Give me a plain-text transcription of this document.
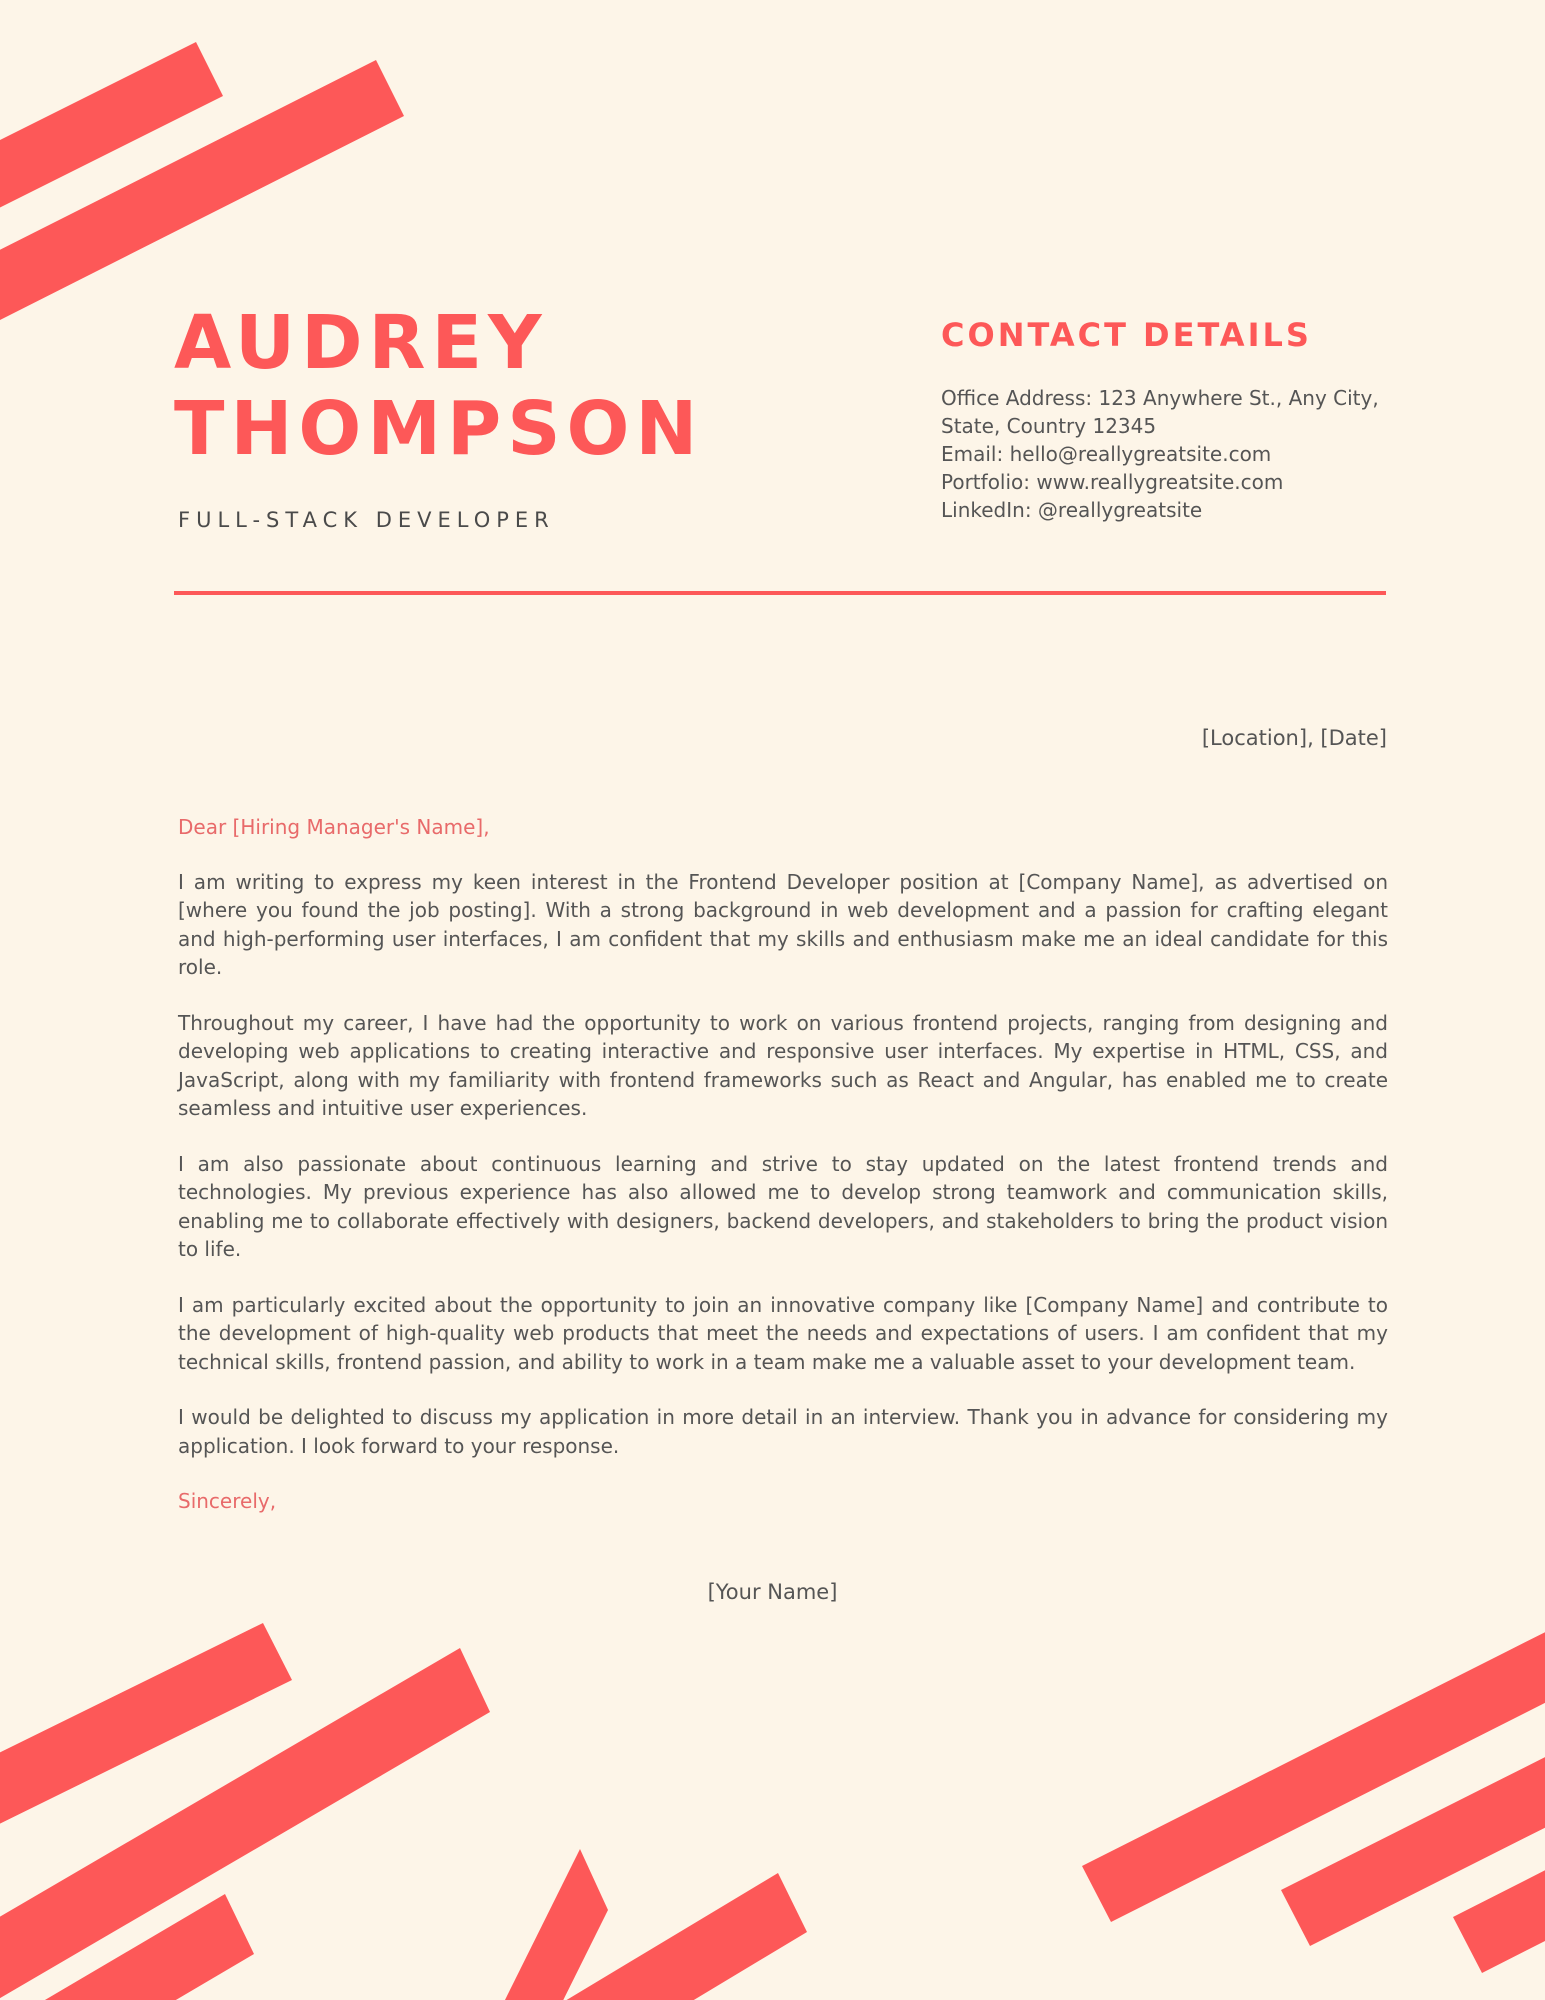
AUDREY
THOMPSON

FULL-STACK DEVELOPER

CONTACT DETAILS
Office Address: 123 Anywhere St., Any City,
State, Country 12345
Email: hello@reallygreatsite.com
Portfolio: www.reallygreatsite.com
LinkedIn: @reallygreatsite

[Location], [Date]

Dear [Hiring Manager's Name],

I am writing to express my keen interest in the Frontend Developer position at [Company Name], as advertised on [where you found the job posting]. With a strong background in web development and a passion for crafting elegant and high-performing user interfaces, I am confident that my skills and enthusiasm make me an ideal candidate for this role.

Throughout my career, I have had the opportunity to work on various frontend projects, ranging from designing and developing web applications to creating interactive and responsive user interfaces. My expertise in HTML, CSS, and JavaScript, along with my familiarity with frontend frameworks such as React and Angular, has enabled me to create seamless and intuitive user experiences.

I am also passionate about continuous learning and strive to stay updated on the latest frontend trends and technologies. My previous experience has also allowed me to develop strong teamwork and communication skills, enabling me to collaborate effectively with designers, backend developers, and stakeholders to bring the product vision to life.

I am particularly excited about the opportunity to join an innovative company like [Company Name] and contribute to the development of high-quality web products that meet the needs and expectations of users. I am confident that my technical skills, frontend passion, and ability to work in a team make me a valuable asset to your development team.

I would be delighted to discuss my application in more detail in an interview. Thank you in advance for considering my application. I look forward to your response.

Sincerely,

[Your Name]
